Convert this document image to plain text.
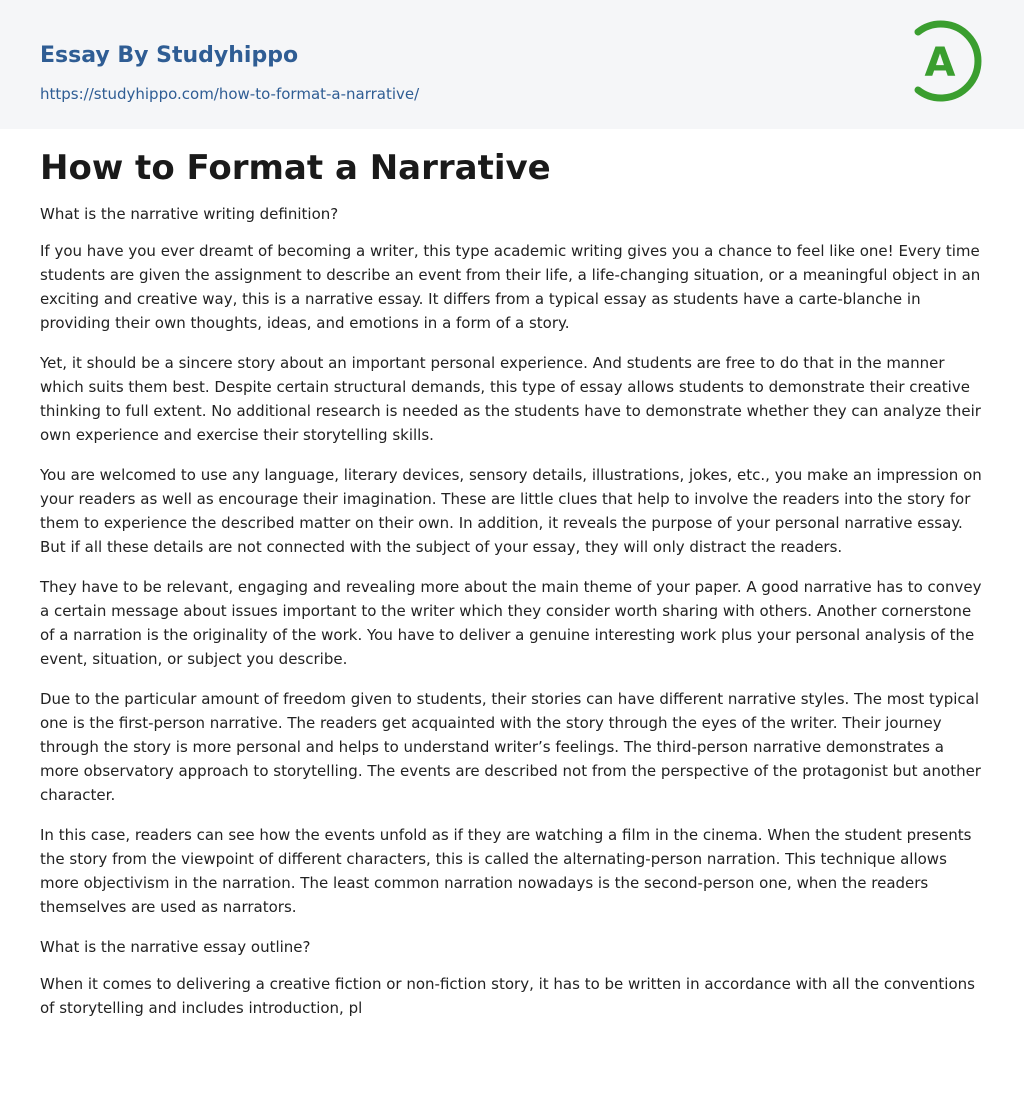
Essay By Studyhippo
https://studyhippo.com/how-to-format-a-narrative/
A
How to Format a Narrative

What is the narrative writing definition?

If you have you ever dreamt of becoming a writer, this type academic writing gives you a chance to feel like one! Every time students are given the assignment to describe an event from their life, a life-changing situation, or a meaningful object in an exciting and creative way, this is a narrative essay. It differs from a typical essay as students have a carte-blanche in providing their own thoughts, ideas, and emotions in a form of a story.

Yet, it should be a sincere story about an important personal experience. And students are free to do that in the manner which suits them best. Despite certain structural demands, this type of essay allows students to demonstrate their creative thinking to full extent. No additional research is needed as the students have to demonstrate whether they can analyze their own experience and exercise their storytelling skills.

You are welcomed to use any language, literary devices, sensory details, illustrations, jokes, etc., you make an impression on your readers as well as encourage their imagination. These are little clues that help to involve the readers into the story for them to experience the described matter on their own. In addition, it reveals the purpose of your personal narrative essay. But if all these details are not connected with the subject of your essay, they will only distract the readers.

They have to be relevant, engaging and revealing more about the main theme of your paper. A good narrative has to convey a certain message about issues important to the writer which they consider worth sharing with others. Another cornerstone of a narration is the originality of the work. You have to deliver a genuine interesting work plus your personal analysis of the event, situation, or subject you describe.

Due to the particular amount of freedom given to students, their stories can have different narrative styles. The most typical one is the first-person narrative. The readers get acquainted with the story through the eyes of the writer. Their journey through the story is more personal and helps to understand writer’s feelings. The third-person narrative demonstrates a more observatory approach to storytelling. The events are described not from the perspective of the protagonist but another character.

In this case, readers can see how the events unfold as if they are watching a film in the cinema. When the student presents the story from the viewpoint of different characters, this is called the alternating-person narration. This technique allows more objectivism in the narration. The least common narration nowadays is the second-person one, when the readers themselves are used as narrators.

What is the narrative essay outline?

When it comes to delivering a creative fiction or non-fiction story, it has to be written in accordance with all the conventions of storytelling and includes introduction, pl
